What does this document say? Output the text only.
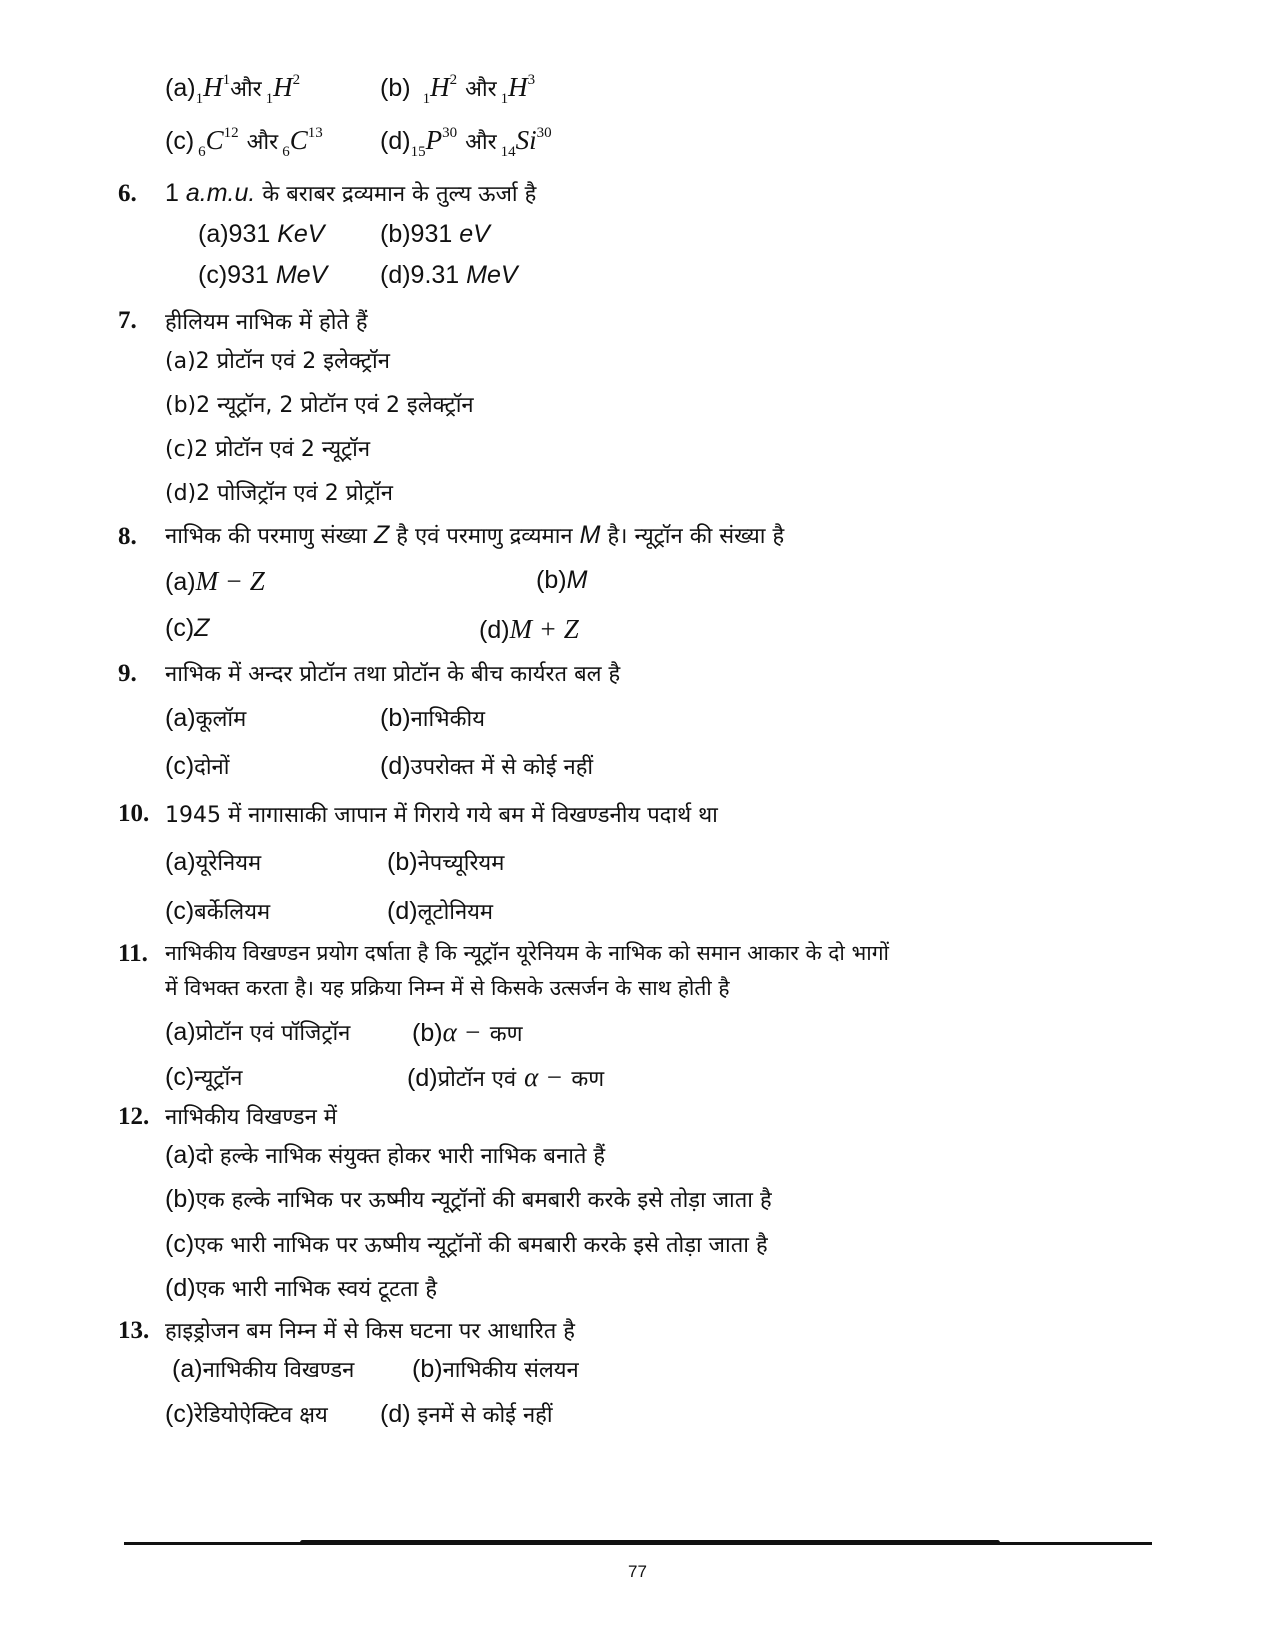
(a)1H1और 1H2	(b) 1H2 और 1H3
(c) 6C12 और 6C13 (d)15P30 और 14Si30
6. 1 a.m.u. के बराबर द्रव्यमान के तुल्य ऊर्जा है
(a)931 KeV (b)931 eV
(c)931 MeV (d)9.31 MeV
7. हीलियम नाभिक में होते हैं
(a)2 प्रोटॉन एवं 2 इलेक्ट्रॉन
(b)2 न्यूट्रॉन, 2 प्रोटॉन एवं 2 इलेक्ट्रॉन
(c)2 प्रोटॉन एवं 2 न्यूट्रॉन
(d)2 पोजिट्रॉन एवं 2 प्रोट्रॉन
8. नाभिक की परमाणु संख्या Z है एवं परमाणु द्रव्यमान M है। न्यूट्रॉन की संख्या है
(a)M − Z	(b)M
(c)Z	(d)M + Z
9. नाभिक में अन्दर प्रोटॉन तथा प्रोटॉन के बीच कार्यरत बल है
(a)कूलॉम	(b)नाभिकीय
(c)दोनों	(d)उपरोक्त में से कोई नहीं
10. 1945 में नागासाकी जापान में गिराये गये बम में विखण्डनीय पदार्थ था
(a)यूरेनियम	(b)नेपच्यूरियम
(c)बर्केलियम	(d)लूटोनियम
11. नाभिकीय विखण्डन प्रयोग दर्षाता है कि न्यूट्रॉन यूरेनियम के नाभिक को समान आकार के दो भागों
में विभक्त करता है। यह प्रक्रिया निम्न में से किसके उत्सर्जन के साथ होती है
(a)प्रोटॉन एवं पॉजिट्रॉन (b)α − कण
(c)न्यूट्रॉन	(d)प्रोटॉन एवं α − कण
12. नाभिकीय विखण्डन में
(a)दो हल्के नाभिक संयुक्त होकर भारी नाभिक बनाते हैं
(b)एक हल्के नाभिक पर ऊष्मीय न्यूट्रॉनों की बमबारी करके इसे तोड़ा जाता है
(c)एक भारी नाभिक पर ऊष्मीय न्यूट्रॉनों की बमबारी करके इसे तोड़ा जाता है
(d)एक भारी नाभिक स्वयं टूटता है
13. हाइड्रोजन बम निम्न में से किस घटना पर आधारित है
(a)नाभिकीय विखण्डन (b)नाभिकीय संलयन
(c)रेडियोऐक्टिव क्षय (d) इनमें से कोई नहीं
77
